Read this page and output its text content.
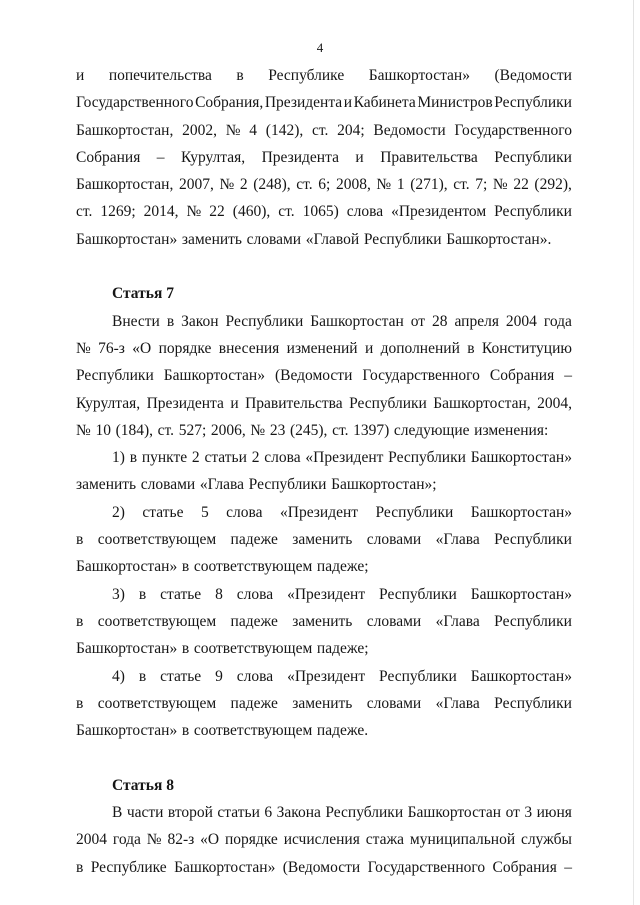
4
и попечительства в Республике Башкортостан» (Ведомости
Государственного Собрания, Президента и Кабинета Министров Республики
Башкортостан, 2002, № 4 (142), ст. 204; Ведомости Государственного
Собрания – Курултая, Президента и Правительства Республики
Башкортостан, 2007, № 2 (248), ст. 6; 2008, № 1 (271), ст. 7; № 22 (292),
ст. 1269; 2014, № 22 (460), ст. 1065) слова «Президентом Республики
Башкортостан» заменить словами «Главой Республики Башкортостан».
Статья 7
Внести в Закон Республики Башкортостан от 28 апреля 2004 года
№ 76-з «О порядке внесения изменений и дополнений в Конституцию
Республики Башкортостан» (Ведомости Государственного Собрания –
Курултая, Президента и Правительства Республики Башкортостан, 2004,
№ 10 (184), ст. 527; 2006, № 23 (245), ст. 1397) следующие изменения:
1) в пункте 2 статьи 2 слова «Президент Республики Башкортостан»
заменить словами «Глава Республики Башкортостан»;
2) статье 5 слова «Президент Республики Башкортостан»
в соответствующем падеже заменить словами «Глава Республики
Башкортостан» в соответствующем падеже;
3) в статье 8 слова «Президент Республики Башкортостан»
в соответствующем падеже заменить словами «Глава Республики
Башкортостан» в соответствующем падеже;
4) в статье 9 слова «Президент Республики Башкортостан»
в соответствующем падеже заменить словами «Глава Республики
Башкортостан» в соответствующем падеже.
Статья 8
В части второй статьи 6 Закона Республики Башкортостан от 3 июня
2004 года № 82-з «О порядке исчисления стажа муниципальной службы
в Республике Башкортостан» (Ведомости Государственного Собрания –
